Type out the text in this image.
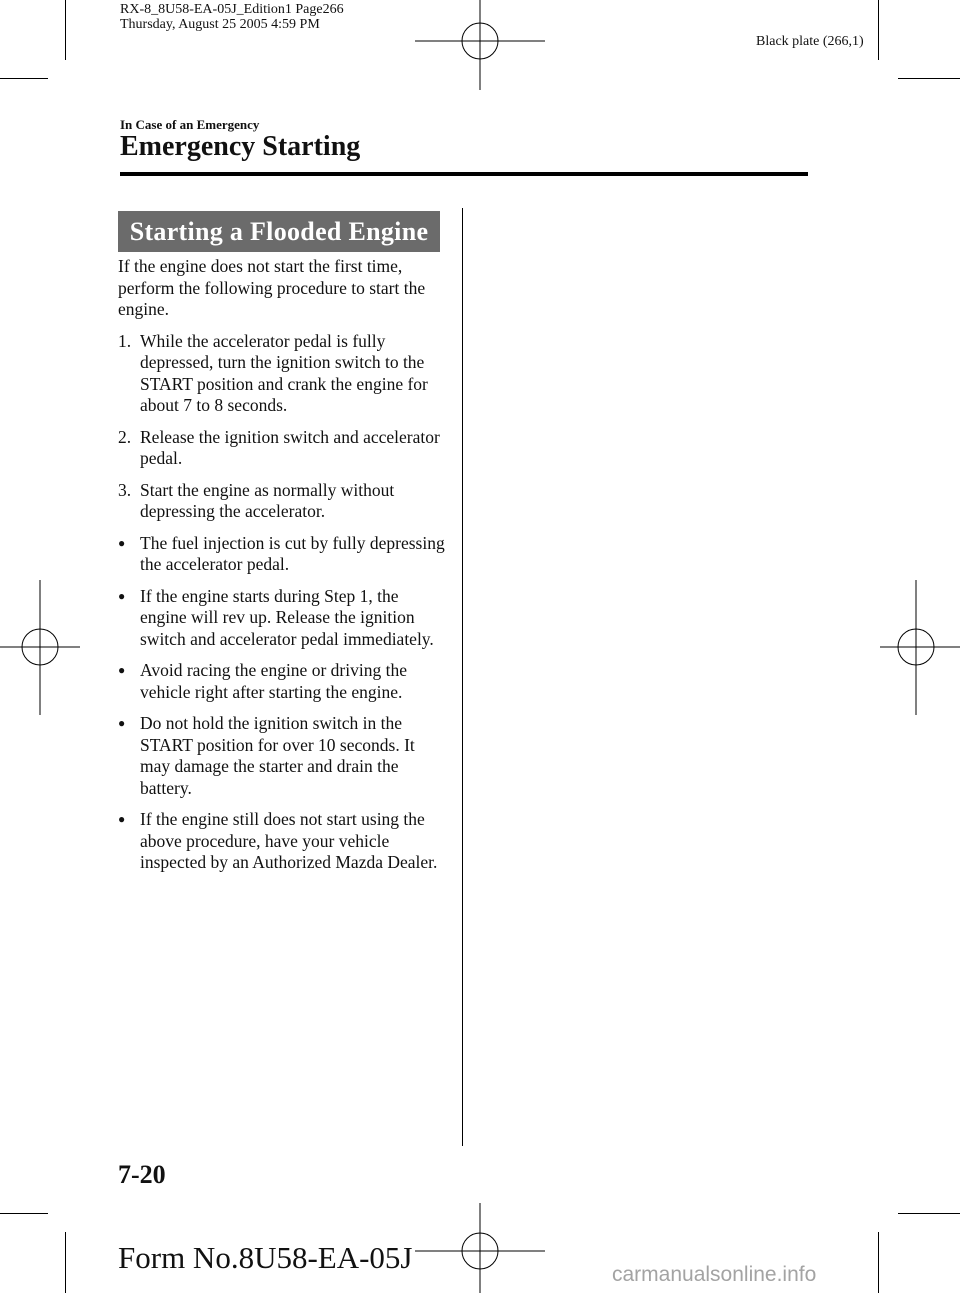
RX-8_8U58-EA-05J_Edition1 Page266
Thursday, August 25 2005 4:59 PM
Black plate (266,1)
In Case of an Emergency
Emergency Starting
Starting a Flooded Engine

If the engine does not start the first time, perform the following procedure to start the engine.

1. While the accelerator pedal is fully depressed, turn the ignition switch to the START position and crank the engine for about 7 to 8 seconds.
2. Release the ignition switch and accelerator pedal.
3. Start the engine as normally without depressing the accelerator.
● The fuel injection is cut by fully depressing the accelerator pedal.
● If the engine starts during Step 1, the engine will rev up. Release the ignition switch and accelerator pedal immediately.
● Avoid racing the engine or driving the vehicle right after starting the engine.
● Do not hold the ignition switch in the START position for over 10 seconds. It may damage the starter and drain the battery.
● If the engine still does not start using the above procedure, have your vehicle inspected by an Authorized Mazda Dealer.
7-20
Form No.8U58-EA-05J	carmanualsonline.info
